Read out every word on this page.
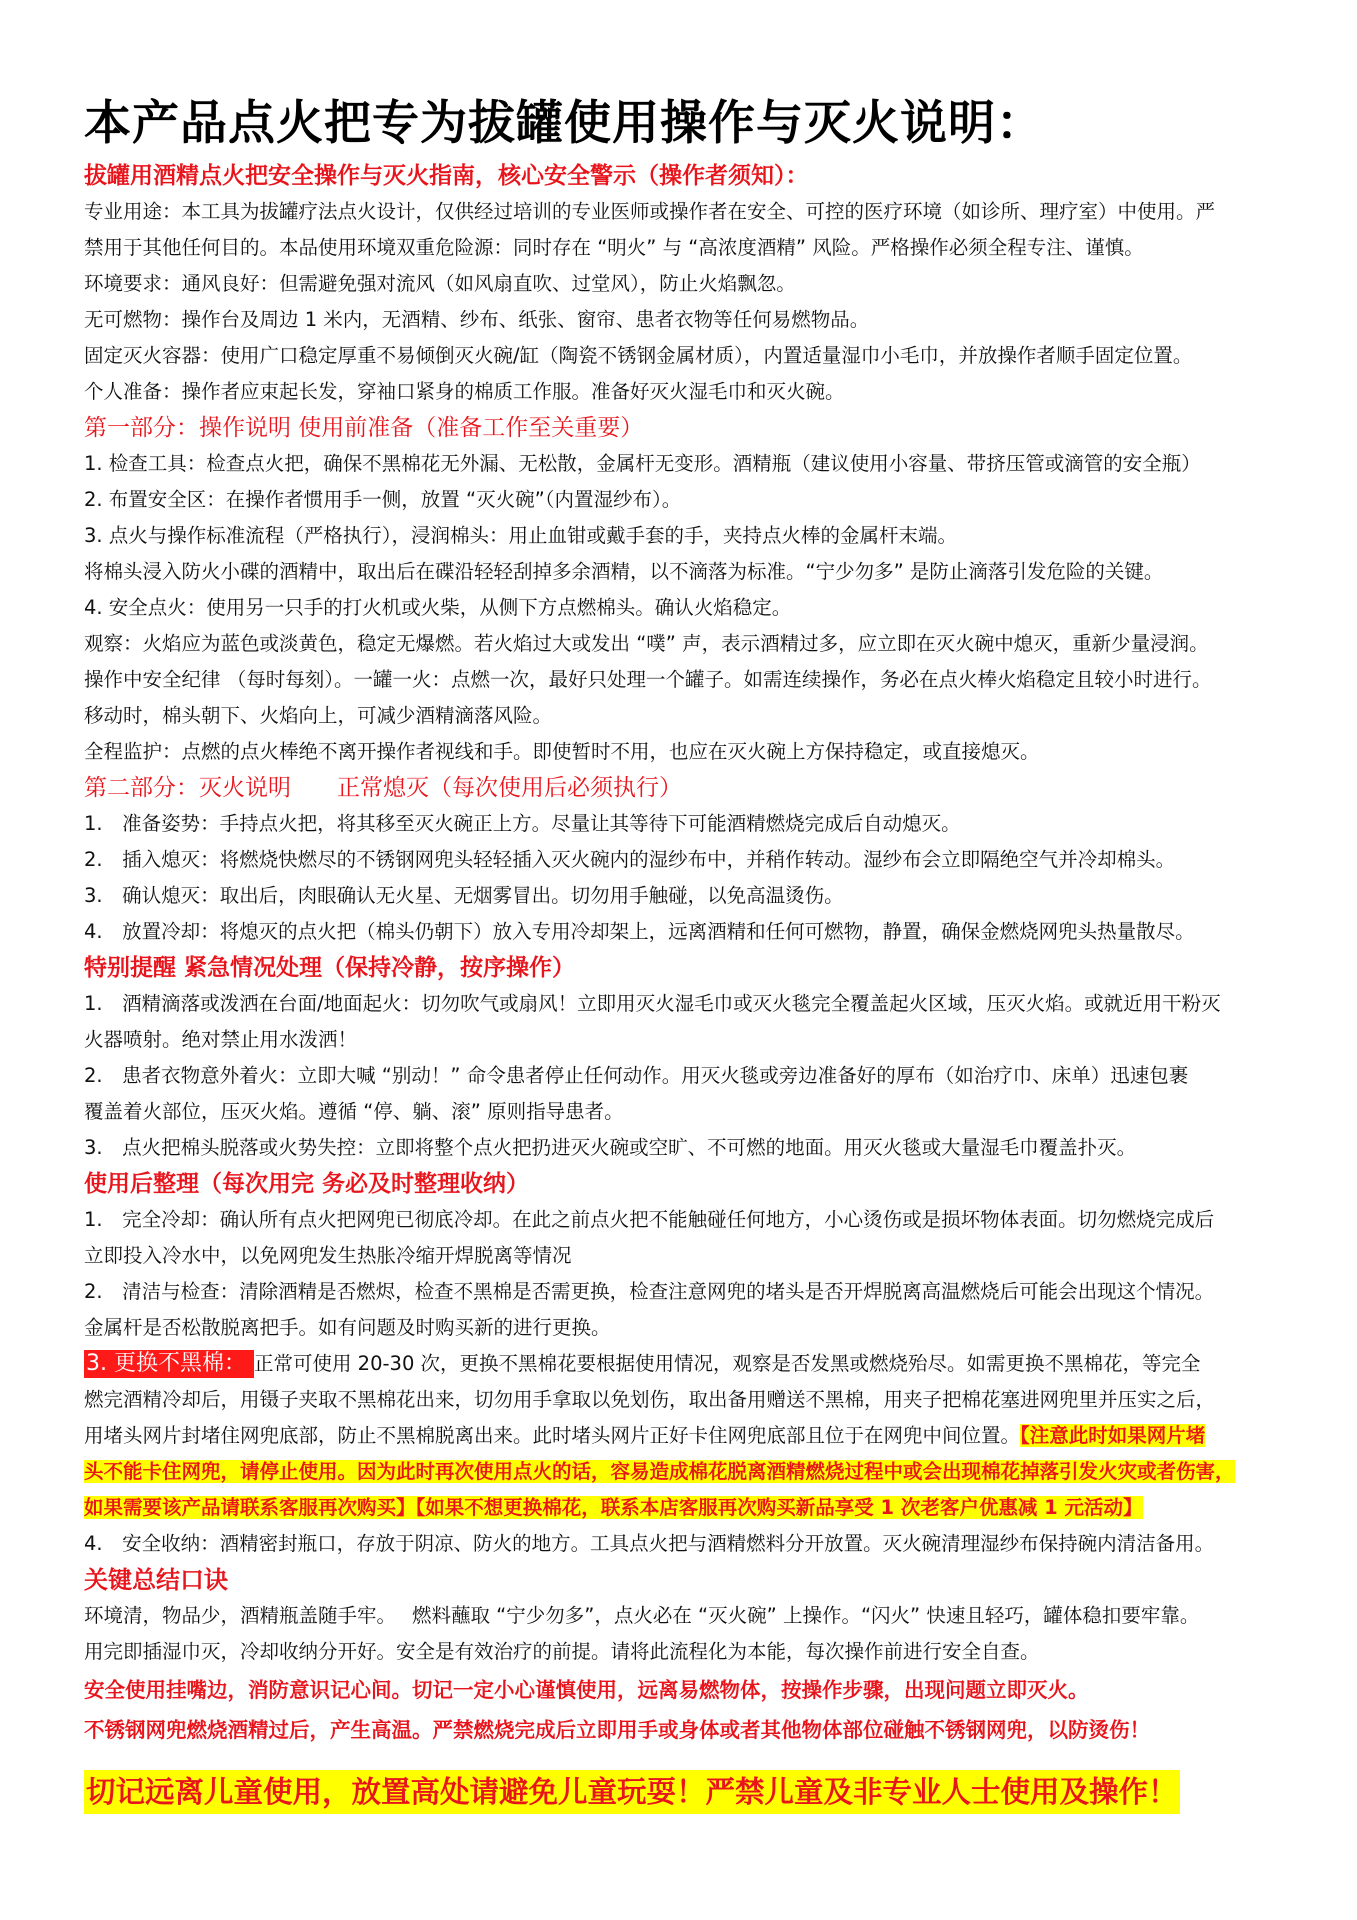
本产品点火把专为拔罐使用操作与灭火说明：
拔罐用酒精点火把安全操作与灭火指南，核心安全警示（操作者须知）：

专业用途：本工具为拔罐疗法点火设计，仅供经过培训的专业医师或操作者在安全、可控的医疗环境（如诊所、理疗室）中使用。严

禁用于其他任何目的。本品使用环境双重危险源：同时存在 “明火” 与 “高浓度酒精” 风险。严格操作必须全程专注、谨慎。

环境要求：通风良好：但需避免强对流风（如风扇直吹、过堂风），防止火焰飘忽。

无可燃物：操作台及周边 1 米内，无酒精、纱布、纸张、窗帘、患者衣物等任何易燃物品。

固定灭火容器：使用广口稳定厚重不易倾倒灭火碗/缸（陶瓷不锈钢金属材质），内置适量湿巾小毛巾，并放操作者顺手固定位置。

个人准备：操作者应束起长发，穿袖口紧身的棉质工作服。准备好灭火湿毛巾和灭火碗。

第一部分：操作说明 使用前准备（准备工作至关重要）

1. 检查工具：检查点火把，确保不黑棉花无外漏、无松散，金属杆无变形。酒精瓶（建议使用小容量、带挤压管或滴管的安全瓶）

2. 布置安全区：在操作者惯用手一侧，放置 “灭火碗”（内置湿纱布）。

3. 点火与操作标准流程（严格执行），浸润棉头：用止血钳或戴手套的手，夹持点火棒的金属杆末端。

将棉头浸入防火小碟的酒精中，取出后在碟沿轻轻刮掉多余酒精，以不滴落为标准。“宁少勿多” 是防止滴落引发危险的关键。

4. 安全点火：使用另一只手的打火机或火柴，从侧下方点燃棉头。确认火焰稳定。

观察：火焰应为蓝色或淡黄色，稳定无爆燃。若火焰过大或发出 “噗” 声，表示酒精过多，应立即在灭火碗中熄灭，重新少量浸润。

操作中安全纪律 （每时每刻）。一罐一火：点燃一次，最好只处理一个罐子。如需连续操作，务必在点火棒火焰稳定且较小时进行。

移动时，棉头朝下、火焰向上，可减少酒精滴落风险。

全程监护：点燃的点火棒绝不离开操作者视线和手。即使暂时不用，也应在灭火碗上方保持稳定，或直接熄灭。

第二部分：灭火说明　　正常熄灭（每次使用后必须执行）

1.　准备姿势：手持点火把，将其移至灭火碗正上方。尽量让其等待下可能酒精燃烧完成后自动熄灭。

2.　插入熄灭：将燃烧快燃尽的不锈钢网兜头轻轻插入灭火碗内的湿纱布中，并稍作转动。湿纱布会立即隔绝空气并冷却棉头。

3.　确认熄灭：取出后，肉眼确认无火星、无烟雾冒出。切勿用手触碰，以免高温烫伤。

4.　放置冷却：将熄灭的点火把（棉头仍朝下）放入专用冷却架上，远离酒精和任何可燃物，静置，确保金燃烧网兜头热量散尽。

特别提醒 紧急情况处理（保持冷静，按序操作）

1.　酒精滴落或泼洒在台面/地面起火：切勿吹气或扇风！立即用灭火湿毛巾或灭火毯完全覆盖起火区域，压灭火焰。或就近用干粉灭

火器喷射。绝对禁止用水泼洒！

2.　患者衣物意外着火：立即大喊 “别动！” 命令患者停止任何动作。用灭火毯或旁边准备好的厚布（如治疗巾、床单）迅速包裹

覆盖着火部位，压灭火焰。遵循 “停、躺、滚” 原则指导患者。

3.　点火把棉头脱落或火势失控：立即将整个点火把扔进灭火碗或空旷、不可燃的地面。用灭火毯或大量湿毛巾覆盖扑灭。

使用后整理（每次用完 务必及时整理收纳）

1.　完全冷却：确认所有点火把网兜已彻底冷却。在此之前点火把不能触碰任何地方，小心烫伤或是损坏物体表面。切勿燃烧完成后

立即投入冷水中，以免网兜发生热胀冷缩开焊脱离等情况

2.　清洁与检查：清除酒精是否燃烬，检查不黑棉是否需更换，检查注意网兜的堵头是否开焊脱离高温燃烧后可能会出现这个情况。

金属杆是否松散脱离把手。如有问题及时购买新的进行更换。

3. 更换不黑棉： 正常可使用 20-30 次，更换不黑棉花要根据使用情况，观察是否发黑或燃烧殆尽。如需更换不黑棉花，等完全

燃完酒精冷却后，用镊子夹取不黑棉花出来，切勿用手拿取以免划伤，取出备用赠送不黑棉，用夹子把棉花塞进网兜里并压实之后，

用堵头网片封堵住网兜底部，防止不黑棉脱离出来。此时堵头网片正好卡住网兜底部且位于在网兜中间位置。【注意此时如果网片堵

头不能卡住网兜，请停止使用。因为此时再次使用点火的话，容易造成棉花脱离酒精燃烧过程中或会出现棉花掉落引发火灾或者伤害，

如果需要该产品请联系客服再次购买】【如果不想更换棉花，联系本店客服再次购买新品享受 1 次老客户优惠减 1 元活动】

4.　安全收纳：酒精密封瓶口，存放于阴凉、防火的地方。工具点火把与酒精燃料分开放置。灭火碗清理湿纱布保持碗内清洁备用。

关键总结口诀

环境清，物品少，酒精瓶盖随手牢。　 燃料蘸取 “宁少勿多”，点火必在 “灭火碗” 上操作。“闪火” 快速且轻巧，罐体稳扣要牢靠。

用完即插湿巾灭，冷却收纳分开好。安全是有效治疗的前提。请将此流程化为本能，每次操作前进行安全自查。

安全使用挂嘴边，消防意识记心间。切记一定小心谨慎使用，远离易燃物体，按操作步骤，出现问题立即灭火。

不锈钢网兜燃烧酒精过后，产生高温。严禁燃烧完成后立即用手或身体或者其他物体部位碰触不锈钢网兜，以防烫伤！

切记远离儿童使用，放置高处请避免儿童玩耍！严禁儿童及非专业人士使用及操作！
